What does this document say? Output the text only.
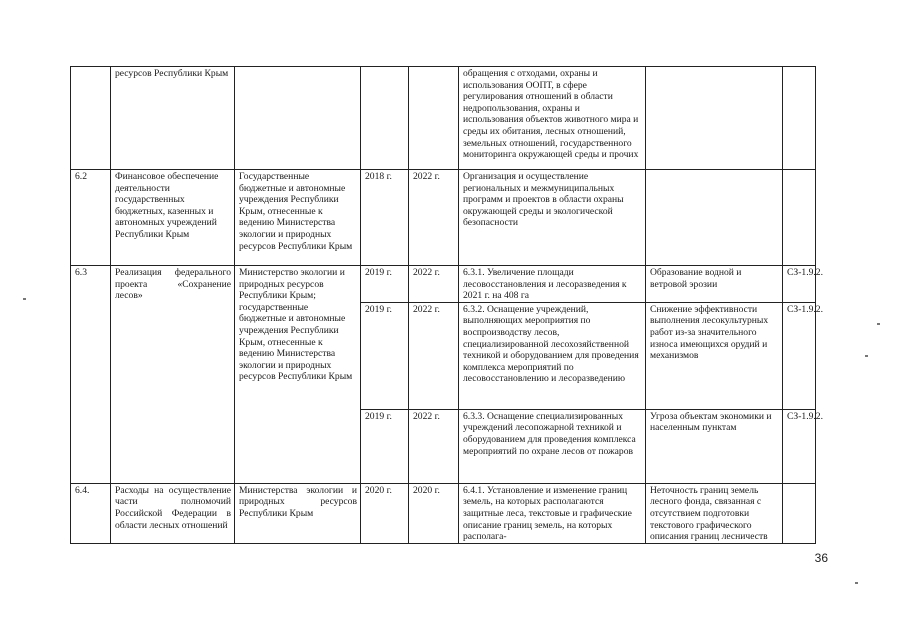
	ресурсов Республики Крым				обращения с отходами, охраны и использования ООПТ, в сфере регулирования отношений в области недропользования, охраны и использования объектов животного мира и среды их обитания, лесных отношений, земельных отношений, государственного мониторинга окружающей среды и прочих		
6.2	Финансовое обеспечение деятельности государственных бюджетных, казенных и автономных учреждений Республики Крым	Государственные бюджетные и автономные учреждения Республики Крым, отнесенные к ведению Министерства экологии и природных ресурсов Республики Крым	2018 г.	2022 г.	Организация и осуществление региональных и межмуниципальных программ и проектов в области охраны окружающей среды и экологической безопасности		
6.3	Реализация федерального проекта «Сохранение лесов»	Министерство экологии и природных ресурсов Республики Крым; государственные бюджетные и автономные учреждения Республики Крым, отнесенные к ведению Министерства экологии и природных ресурсов Республики Крым	2019 г.	2022 г.	6.3.1. Увеличение площади лесовосстановления и лесоразведения к 2021 г. на 408 га	Образование водной и ветровой эрозии	СЗ-1.9.2.
			2019 г.	2022 г.	6.3.2. Оснащение учреждений, выполняющих мероприятия по воспроизводству лесов, специализированной лесохозяйственной техникой и оборудованием для проведения комплекса мероприятий по лесовосстановлению и лесоразведению	Снижение эффективности выполнения лесокультурных работ из-за значительного износа имеющихся орудий и механизмов	СЗ-1.9.2.
			2019 г.	2022 г.	6.3.3. Оснащение специализированных учреждений лесопожарной техникой и оборудованием для проведения комплекса мероприятий по охране лесов от пожаров	Угроза объектам экономики и населенным пунктам	СЗ-1.9.2.
6.4.	Расходы на осуществление части полномочий Российской Федерации в области лесных отношений	Министерства экологии и природных ресурсов Республики Крым	2020 г.	2020 г.	6.4.1. Установление и изменение границ земель, на которых располагаются защитные леса, текстовые и графические описание границ земель, на которых располага-	Неточность границ земель лесного фонда, связанная с отсутствием подготовки текстового графического описания границ лесничеств	
36
